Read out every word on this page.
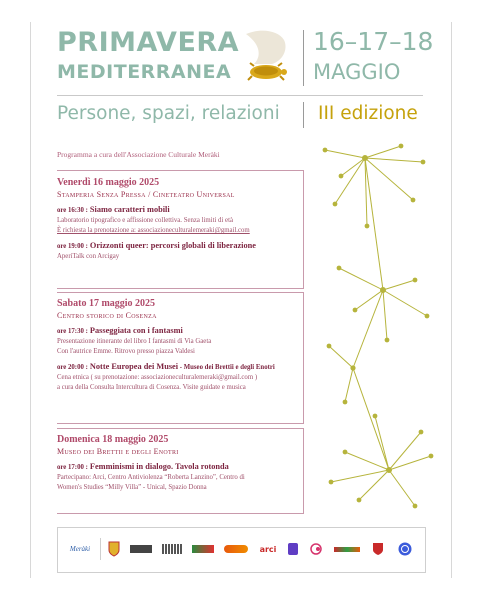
PRIMAVERA
MEDITERRANEA
16–17–18
MAGGIO
Persone, spazi, relazioni III edizione
Programma a cura dell'Associazione Culturale Meràki
Venerdì 16 maggio 2025
Stamperia Senza Pressa / Cineteatro Universal
ore 16:30 : Siamo caratteri mobili
Laboratorio tipografico e affissione collettiva. Senza limiti di età
È richiesta la prenotazione a: associazioneculturalemeraki@gmail.com
ore 19:00 : Orizzonti queer: percorsi globali di liberazione
AperiTalk con Arcigay
Sabato 17 maggio 2025
Centro storico di Cosenza
ore 17:30 : Passeggiata con i fantasmi
Presentazione itinerante del libro I fantasmi di Via Gaeta
Con l'autrice Emme. Ritrovo presso piazza Valdesi
ore 20:00 : Notte Europea dei Musei - Museo dei Brettii e degli Enotri
Cena etnica ( su prenotazione: associazioneculturalemeraki@gmail.com )
a cura della Consulta Intercultura di Cosenza. Visite guidate e musica
Domenica 18 maggio 2025
Museo dei Brettii e degli Enotri
ore 17:00 : Femminismi in dialogo. Tavola rotonda
Partecipano: Arci, Centro Antiviolenza “Roberta Lanzino”, Centro di
Women's Studies “Milly Villa” - Unical, Spazio Donna
Meràki	arci
